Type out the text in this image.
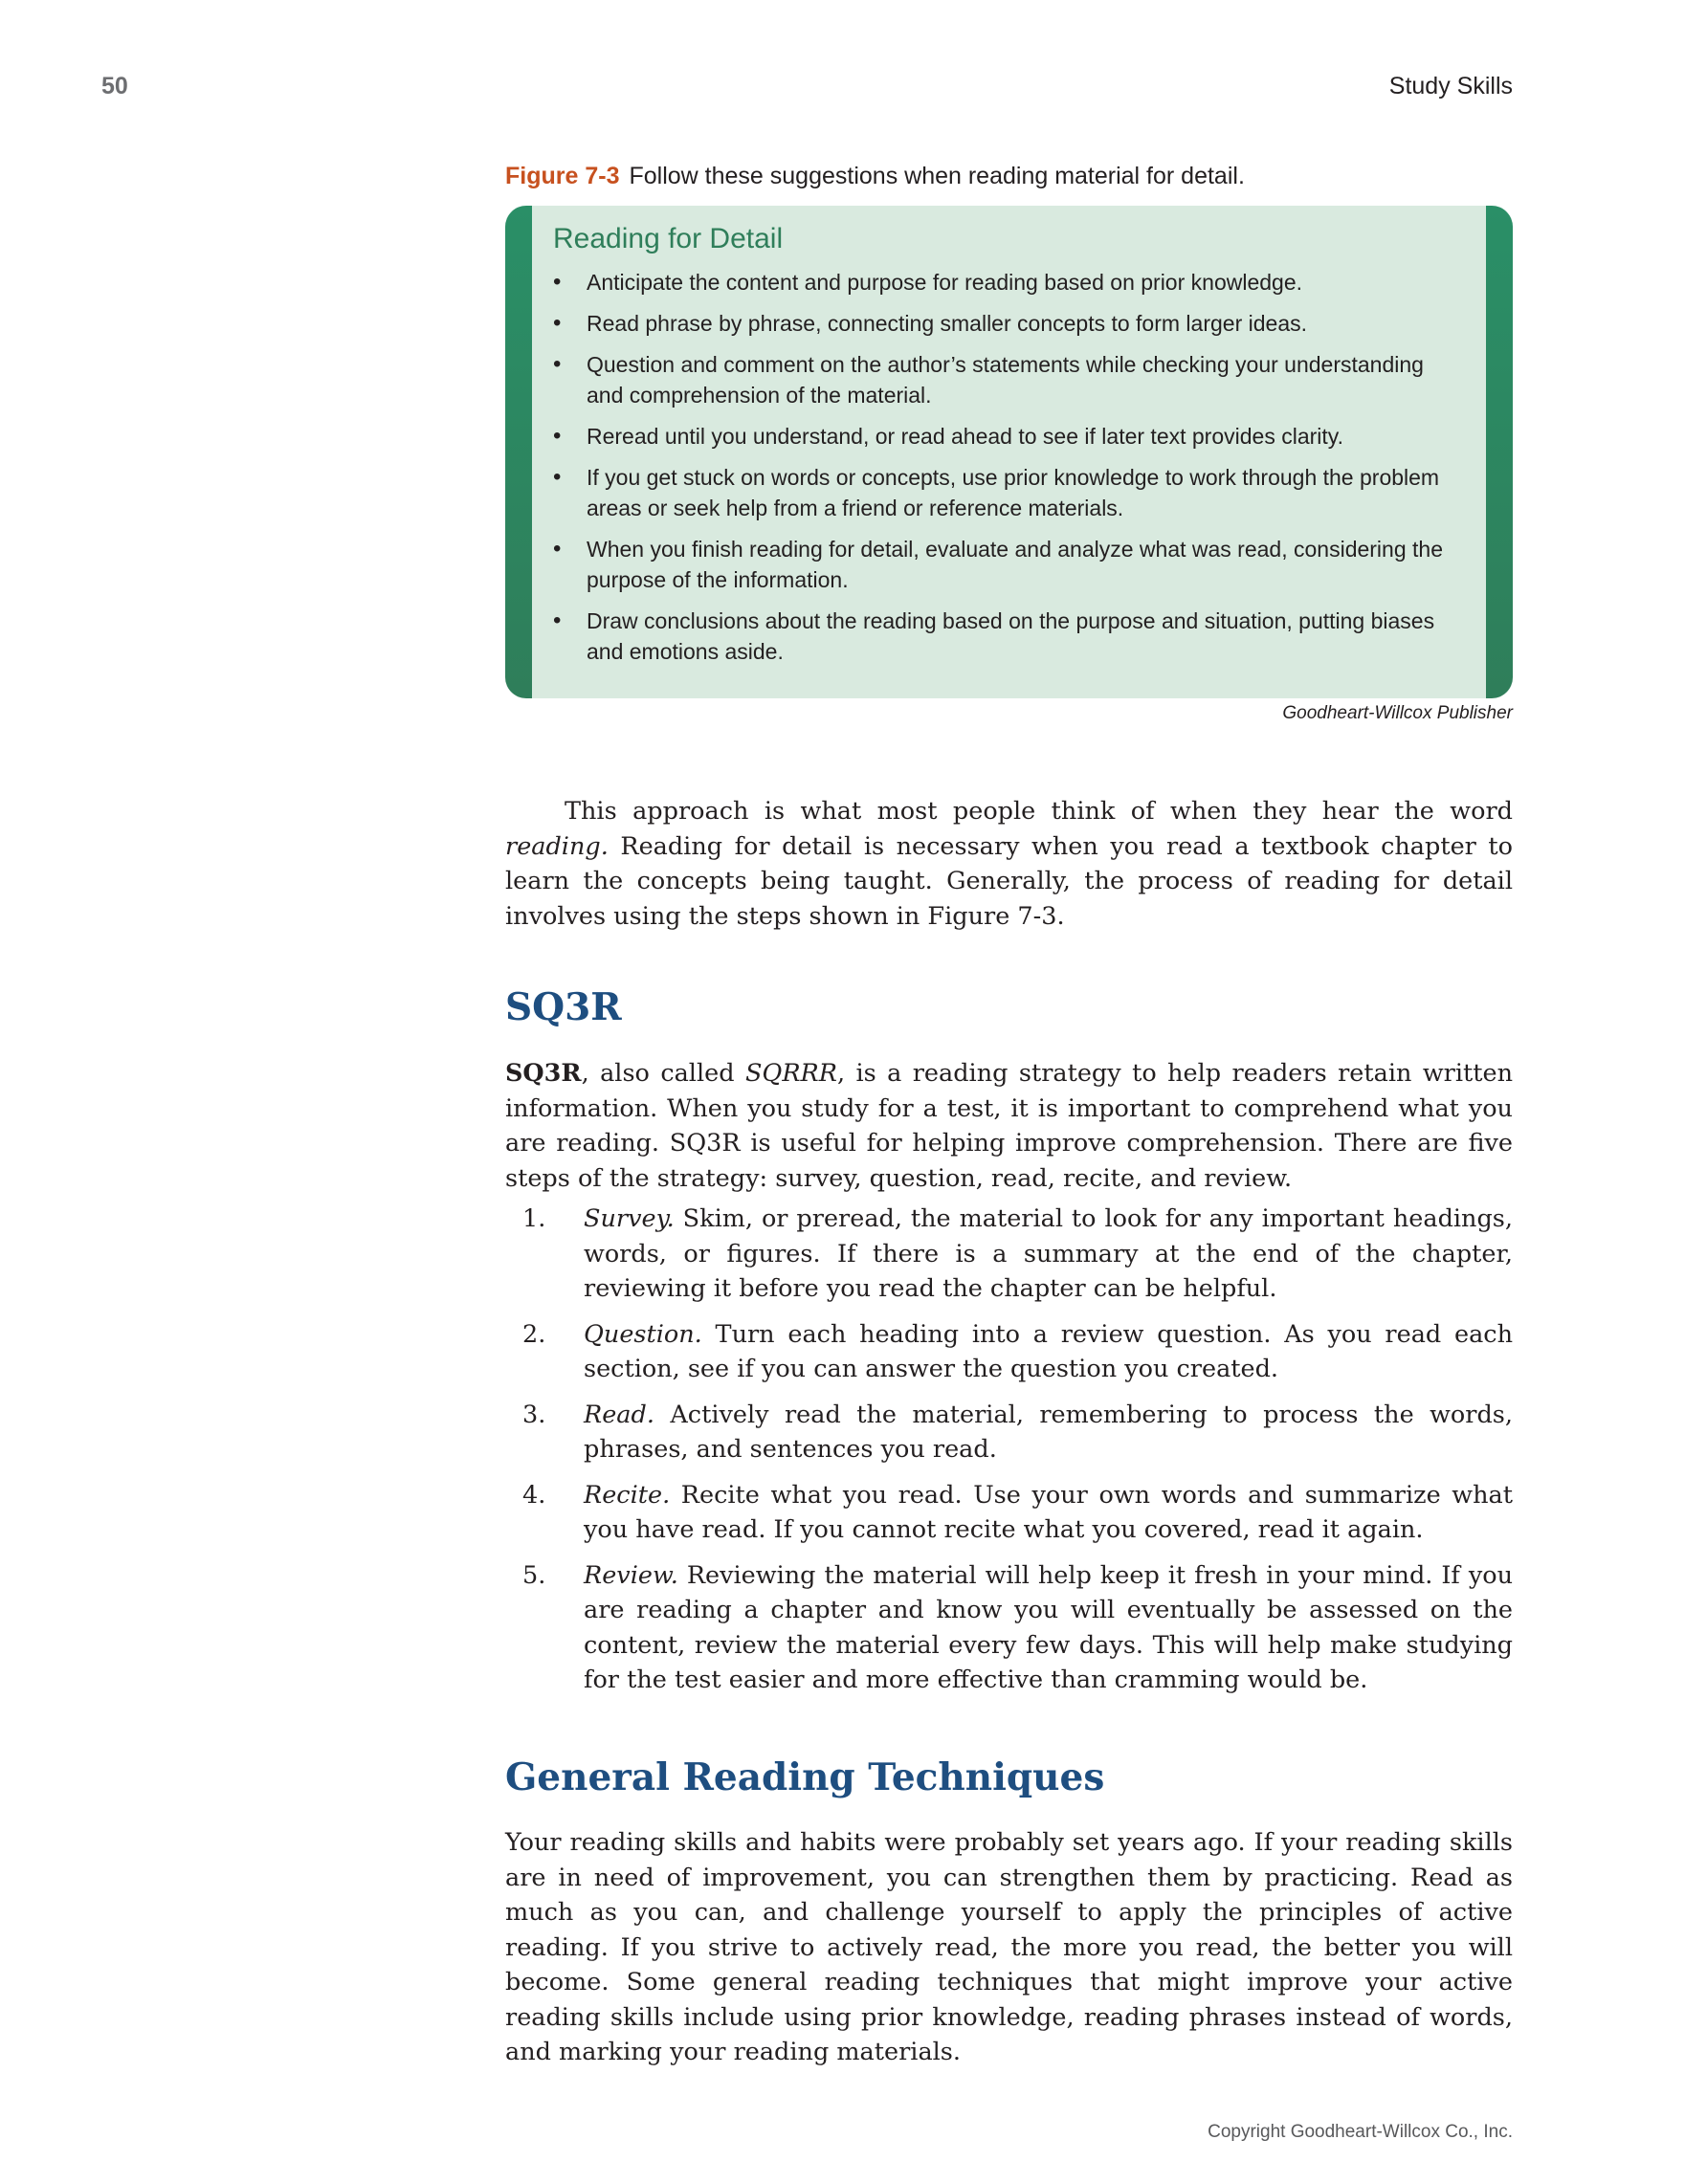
50	Study Skills
Figure 7-3 Follow these suggestions when reading material for detail.
Reading for Detail
• Anticipate the content and purpose for reading based on prior knowledge.
• Read phrase by phrase, connecting smaller concepts to form larger ideas.
• Question and comment on the author’s statements while checking your understanding and comprehension of the material.
• Reread until you understand, or read ahead to see if later text provides clarity.
• If you get stuck on words or concepts, use prior knowledge to work through the problem areas or seek help from a friend or reference materials.
• When you finish reading for detail, evaluate and analyze what was read, considering the purpose of the information.
• Draw conclusions about the reading based on the purpose and situation, putting biases and emotions aside.
Goodheart-Willcox Publisher

This approach is what most people think of when they hear the word reading. Reading for detail is necessary when you read a textbook chapter to learn the concepts being taught. Generally, the process of reading for detail involves using the steps shown in Figure 7-3.

SQ3R

SQ3R, also called SQRRR, is a reading strategy to help readers retain written information. When you study for a test, it is important to comprehend what you are reading. SQ3R is useful for helping improve comprehension. There are five steps of the strategy: survey, question, read, recite, and review.

1. Survey. Skim, or preread, the material to look for any important headings, words, or figures. If there is a summary at the end of the chapter, reviewing it before you read the chapter can be helpful.
2. Question. Turn each heading into a review question. As you read each section, see if you can answer the question you created.
3. Read. Actively read the material, remembering to process the words, phrases, and sentences you read.
4. Recite. Recite what you read. Use your own words and summarize what you have read. If you cannot recite what you covered, read it again.
5. Review. Reviewing the material will help keep it fresh in your mind. If you are reading a chapter and know you will eventually be assessed on the content, review the material every few days. This will help make studying for the test easier and more effective than cramming would be.
General Reading Techniques

Your reading skills and habits were probably set years ago. If your reading skills are in need of improvement, you can strengthen them by practicing. Read as much as you can, and challenge yourself to apply the principles of active reading. If you strive to actively read, the more you read, the better you will become. Some general reading techniques that might improve your active reading skills include using prior knowledge, reading phrases instead of words, and marking your reading materials.

Copyright Goodheart-Willcox Co., Inc.
